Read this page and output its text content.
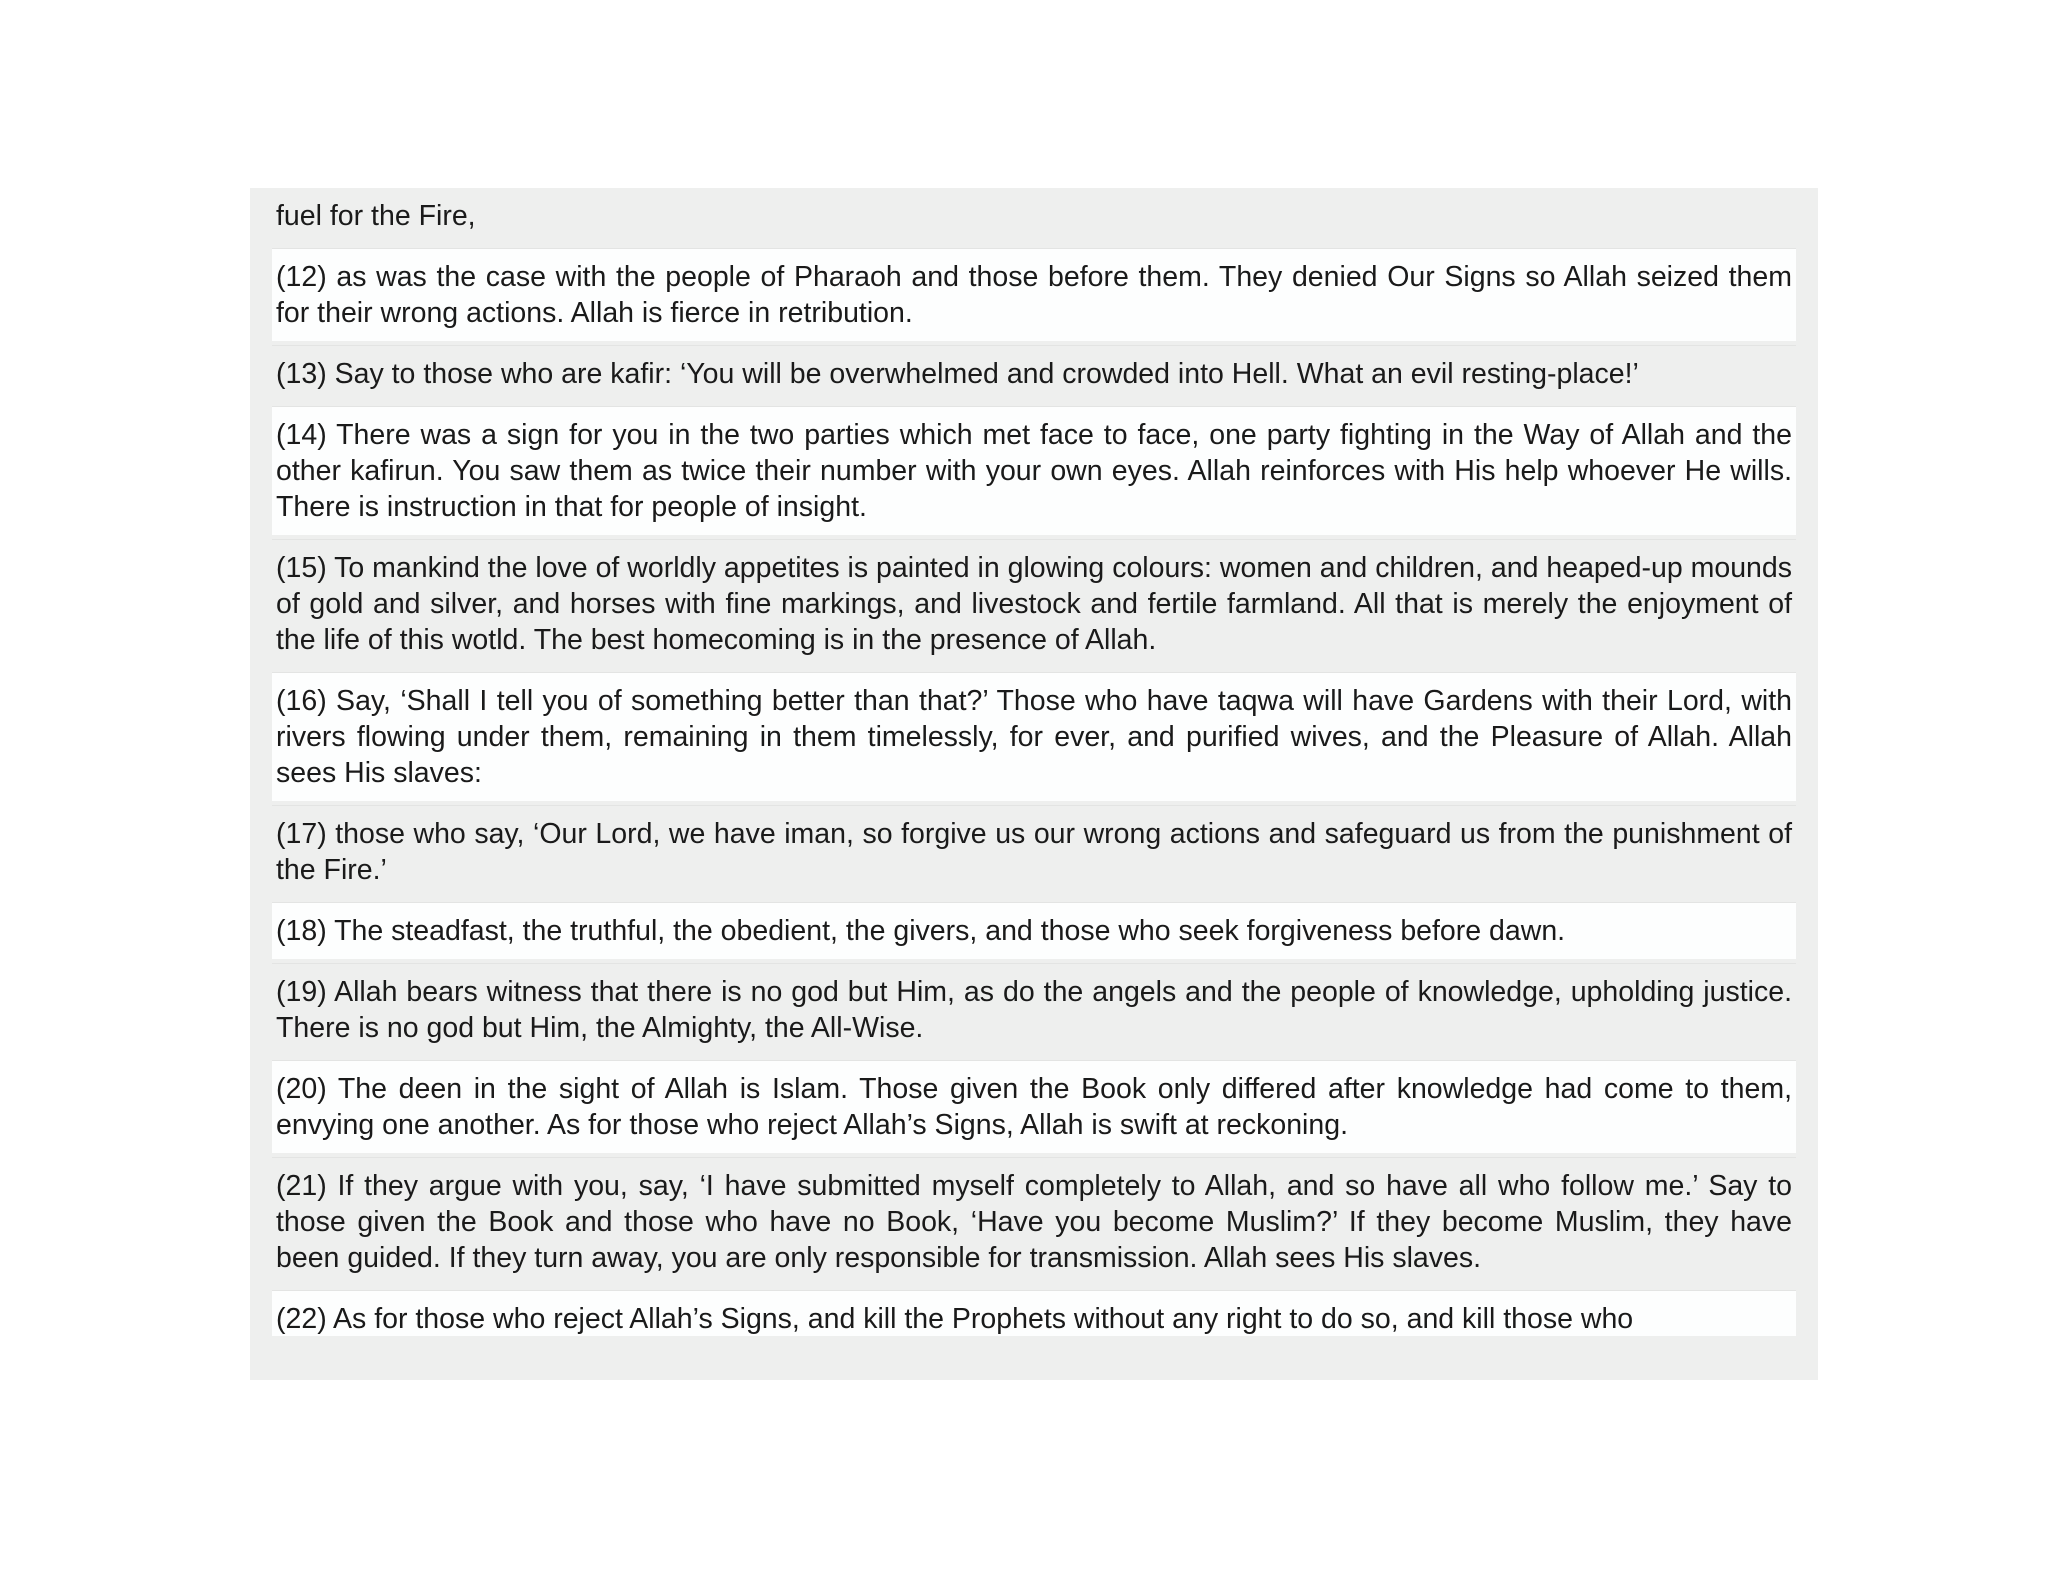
fuel for the Fire,
(12) as was the case with the people of Pharaoh and those before them. They denied Our Signs so Allah seized them for their wrong actions. Allah is fierce in retribution.
(13) Say to those who are kafir: ‘You will be overwhelmed and crowded into Hell. What an evil resting-place!’
(14) There was a sign for you in the two parties which met face to face, one party fighting in the Way of Allah and the other kafirun. You saw them as twice their number with your own eyes. Allah reinforces with His help whoever He wills. There is instruction in that for people of insight.
(15) To mankind the love of worldly appetites is painted in glowing colours: women and children, and heaped-up mounds of gold and silver, and horses with fine markings, and livestock and fertile farmland. All that is merely the enjoyment of the life of this wotld. The best homecoming is in the presence of Allah.
(16) Say, ‘Shall I tell you of something better than that?’ Those who have taqwa will have Gardens with their Lord, with rivers flowing under them, remaining in them timelessly, for ever, and purified wives, and the Pleasure of Allah. Allah sees His slaves:
(17) those who say, ‘Our Lord, we have iman, so forgive us our wrong actions and safeguard us from the punishment of the Fire.’
(18) The steadfast, the truthful, the obedient, the givers, and those who seek forgiveness before dawn.
(19) Allah bears witness that there is no god but Him, as do the angels and the people of knowledge, upholding justice. There is no god but Him, the Almighty, the All-Wise.
(20) The deen in the sight of Allah is Islam. Those given the Book only differed after knowledge had come to them, envying one another. As for those who reject Allah’s Signs, Allah is swift at reckoning.
(21) If they argue with you, say, ‘I have submitted myself completely to Allah, and so have all who follow me.’ Say to those given the Book and those who have no Book, ‘Have you become Muslim?’ If they become Muslim, they have been guided. If they turn away, you are only responsible for transmission. Allah sees His slaves.
(22) As for those who reject Allah’s Signs, and kill the Prophets without any right to do so, and kill those who
